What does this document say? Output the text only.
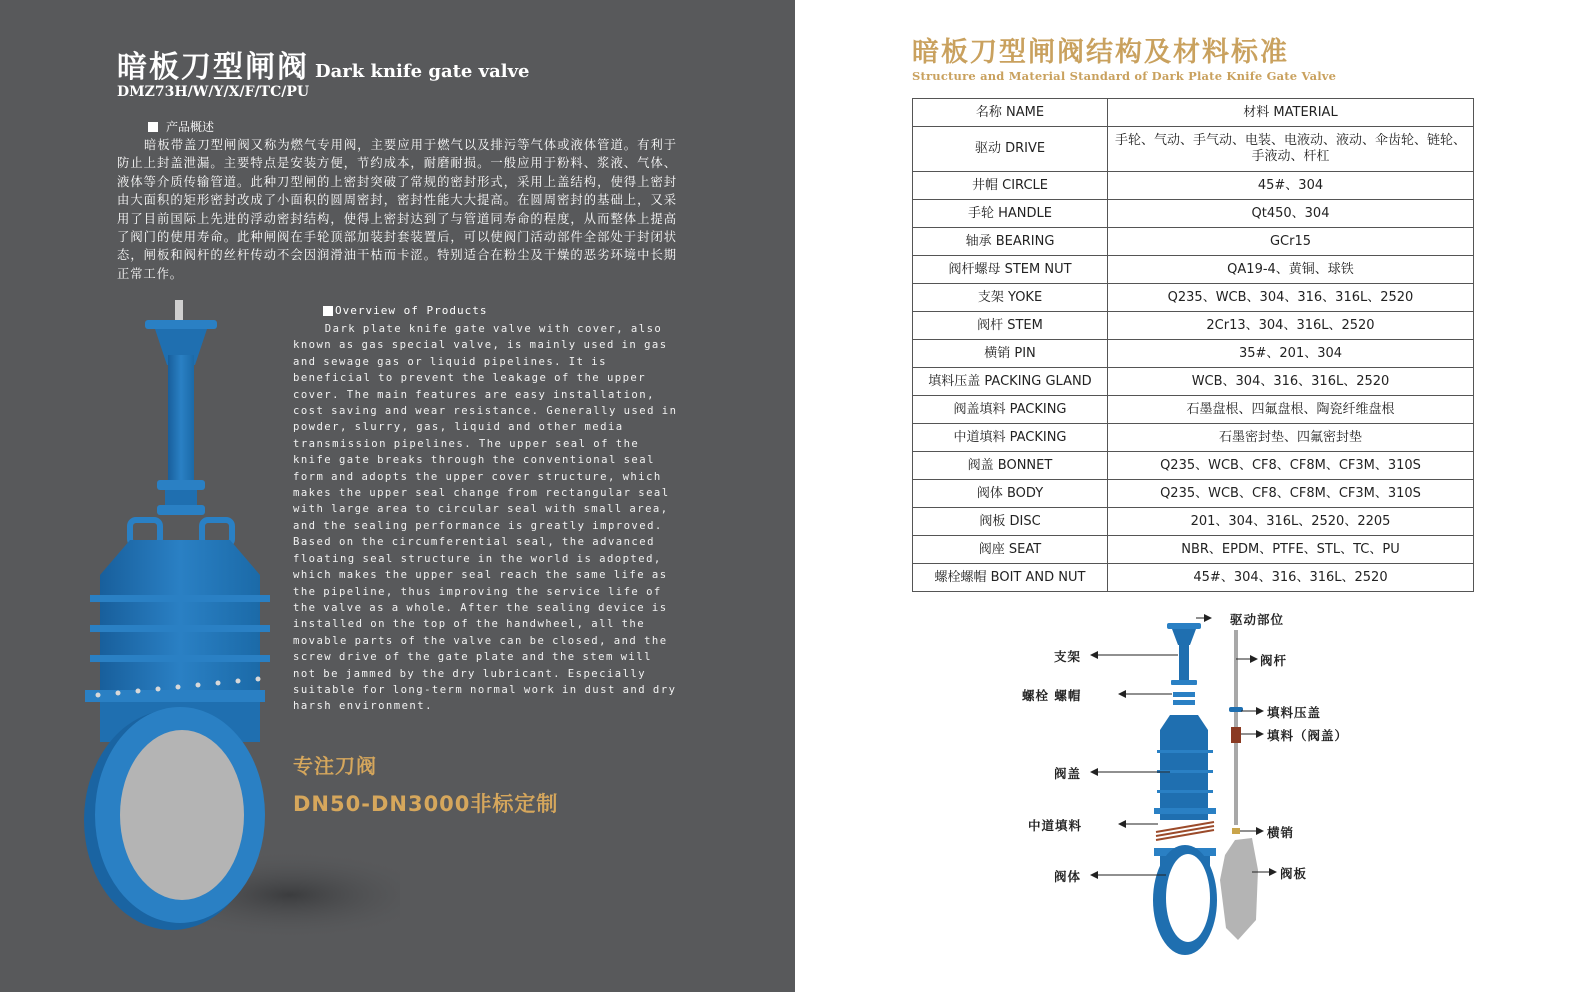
暗板刀型闸阀 Dark knife gate valve
DMZ73H/W/Y/X/F/TC/PU
产品概述
暗板带盖刀型闸阀又称为燃气专用阀，主要应用于燃气以及排污等气体或液体管道。有利于防止上封盖泄漏。主要特点是安装方便，节约成本，耐磨耐损。一般应用于粉料、浆液、气体、液体等介质传输管道。此种刀型闸的上密封突破了常规的密封形式，采用上盖结构，使得上密封由大面积的矩形密封改成了小面积的圆周密封，密封性能大大提高。在圆周密封的基础上，又采用了目前国际上先进的浮动密封结构，使得上密封达到了与管道同寿命的程度，从而整体上提高了阀门的使用寿命。此种闸阀在手轮顶部加装封套装置后，可以使阀门活动部件全部处于封闭状态，闸板和阀杆的丝杆传动不会因润滑油干枯而卡涩。特别适合在粉尘及干燥的恶劣环境中长期正常工作。
Overview of Products
Dark plate knife gate valve with cover, also known as gas special valve, is mainly used in gas and sewage gas or liquid pipelines. It is beneficial to prevent the leakage of the upper cover. The main features are easy installation, cost saving and wear resistance. Generally used in powder, slurry, gas, liquid and other media transmission pipelines. The upper seal of the knife gate breaks through the conventional seal form and adopts the upper cover structure, which makes the upper seal change from rectangular seal with large area to circular seal with small area, and the sealing performance is greatly improved. Based on the circumferential seal, the advanced floating seal structure in the world is adopted, which makes the upper seal reach the same life as the pipeline, thus improving the service life of the valve as a whole. After the sealing device is installed on the top of the handwheel, all the movable parts of the valve can be closed, and the screw drive of the gate plate and the stem will not be jammed by the dry lubricant. Especially suitable for long-term normal work in dust and dry harsh environment.
专注刀阀
DN50-DN3000非标定制
暗板刀型闸阀结构及材料标准
Structure and Material Standard of Dark Plate Knife Gate Valve
名称 NAME	材料 MATERIAL
驱动 DRIVE	手轮、气动、手气动、电装、电液动、液动、伞齿轮、链轮、手液动、杆杠
井帽 CIRCLE	45#、304
手轮 HANDLE	Qt450、304
轴承 BEARING	GCr15
阀杆螺母 STEM NUT	QA19-4、黄铜、球铁
支架 YOKE	Q235、WCB、304、316、316L、2520
阀杆 STEM	2Cr13、304、316L、2520
横销 PIN	35#、201、304
填料压盖 PACKING GLAND	WCB、304、316、316L、2520
阀盖填料 PACKING	石墨盘根、四氟盘根、陶瓷纤维盘根
中道填料 PACKING	石墨密封垫、四氟密封垫
阀盖 BONNET	Q235、WCB、CF8、CF8M、CF3M、310S
阀体 BODY	Q235、WCB、CF8、CF8M、CF3M、310S
阀板 DISC	201、304、316L、2520、2205
阀座 SEAT	NBR、EPDM、PTFE、STL、TC、PU
螺栓螺帽 BOIT AND NUT	45#、304、316、316L、2520
驱动部位
支架	阀杆
螺栓 螺帽
填料压盖
填料（阀盖）
阀盖
中道填料	横销
阀体	阀板
